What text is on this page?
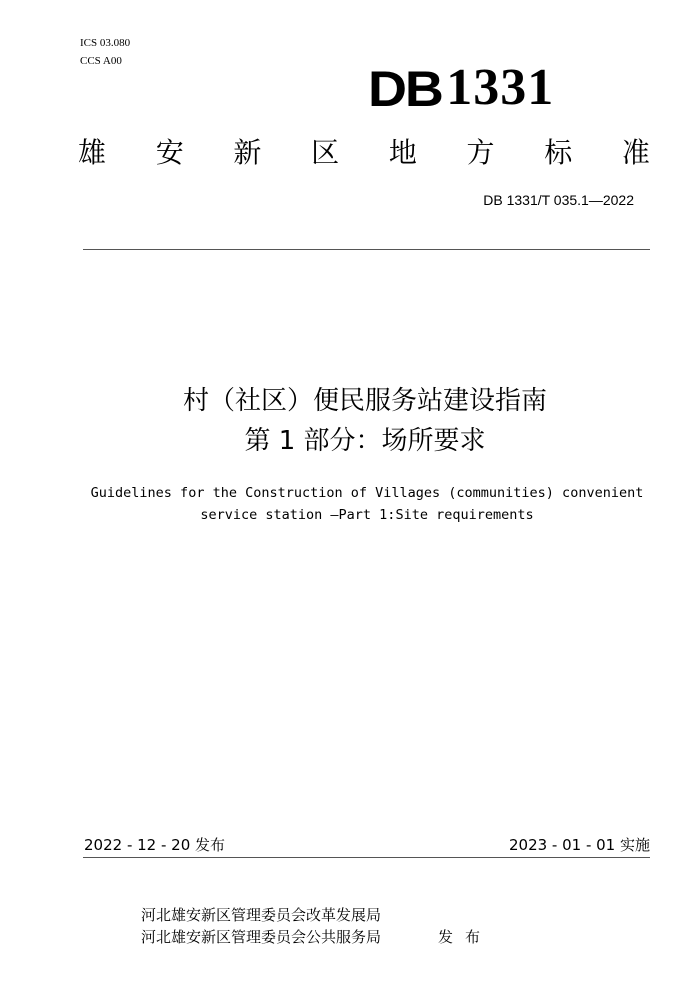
ICS 03.080
CCS A00	DB 1331
雄 安 新 区 地 方 标 准
DB 1331/T 035.1—2022
村（社区）便民服务站建设指南
第 1 部分：场所要求
Guidelines for the Construction of Villages (communities) convenient
service station —Part 1:Site requirements
2022 - 12 - 20 发布	2023 - 01 - 01 实施
河北雄安新区管理委员会改革发展局
河北雄安新区管理委员会公共服务局	发布
